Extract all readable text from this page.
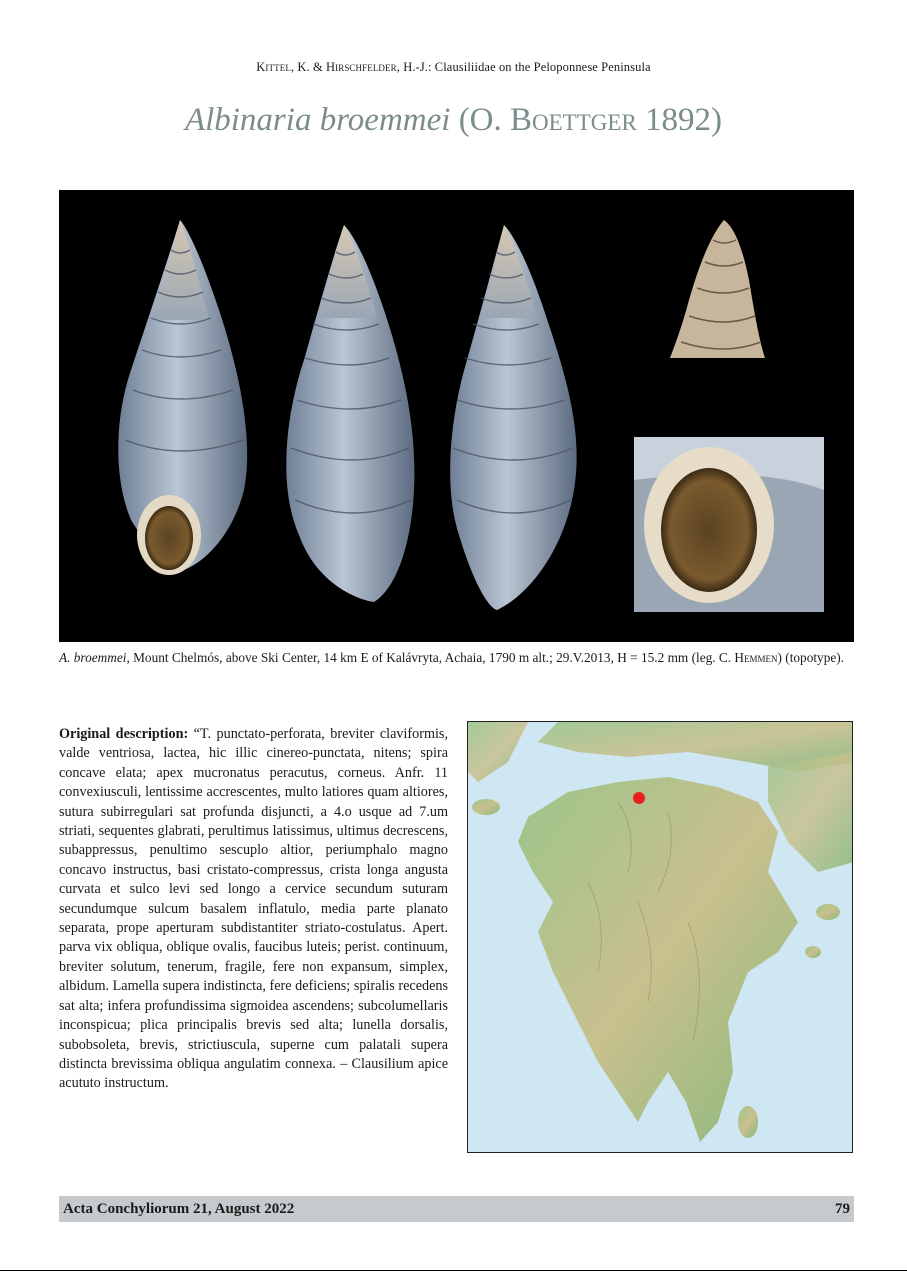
Kittel, K. & Hirschfelder, H.-J.: Clausiliidae on the Peloponnese Peninsula
Albinaria broemmei (O. Boettger 1892)
A. broemmei, Mount Chelmós, above Ski Center, 14 km E of Kalávryta, Achaia, 1790 m alt.; 29.V.2013, H = 15.2 mm (leg. C. Hemmen) (topotype).
Original description: “T. punctato-perforata, breviter claviformis, valde ventriosa, lactea, hic illic cinereo-punctata, nitens; spira concave elata; apex mucronatus peracutus, corneus. Anfr. 11 convexiusculi, lentissime accrescentes, multo latiores quam altiores, sutura subirregulari sat profunda disjuncti, a 4.o usque ad 7.um striati, sequentes glabrati, perultimus latissimus, ultimus decrescens, subappressus, penultimo sescuplo altior, periumphalo magno concavo instructus, basi cristato-compressus, crista longa angusta curvata et sulco levi sed longo a cervice secundum suturam secundumque sulcum basalem inflatulo, media parte planato separata, prope aperturam subdistantiter striato-costulatus. Apert. parva vix obliqua, oblique ovalis, faucibus luteis; perist. continuum, breviter solutum, tenerum, fragile, fere non expansum, simplex, albidum. Lamella supera indistincta, fere deficiens; spiralis recedens sat alta; infera profundissima sigmoidea ascendens; subcolumellaris inconspicua; plica principalis brevis sed alta; lunella dorsalis, subobsoleta, brevis, strictiuscula, superne cum palatali supera distincta brevissima obliqua angulatim connexa. – Clausilium apice acututo instructum.
Acta Conchyliorum 21, August 2022	79
